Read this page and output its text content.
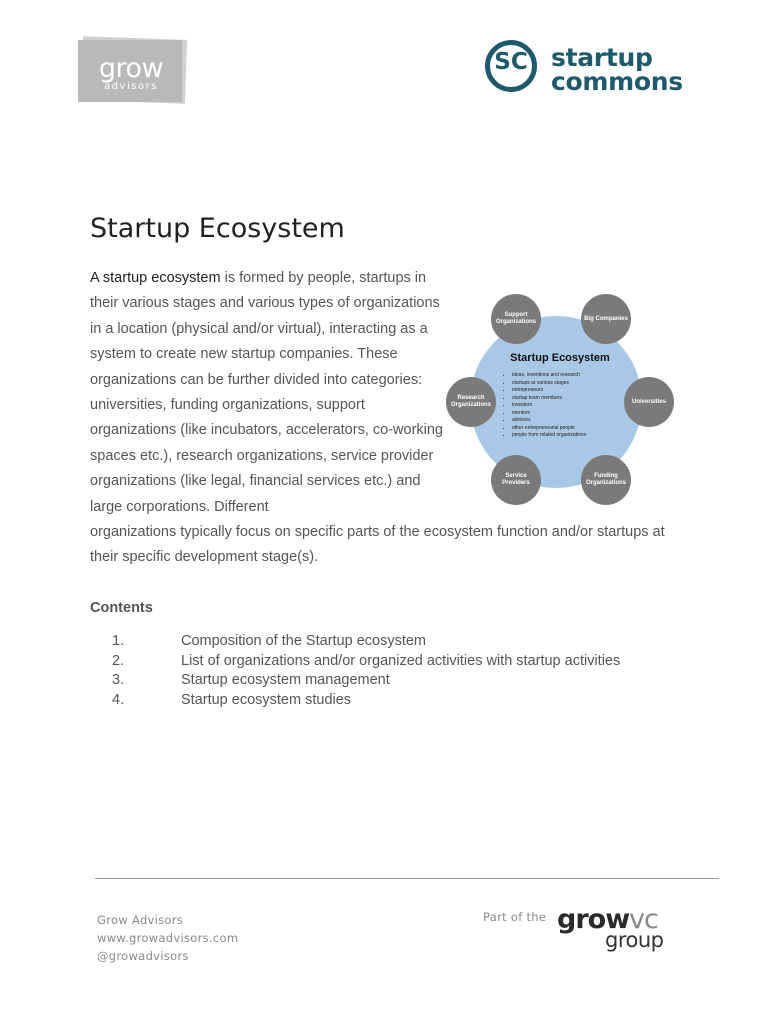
grow
advisors
SC startup
commons
Startup Ecosystem
A startup ecosystem is formed by people, startups in their various stages and various types of organizations in a location (physical and/or virtual), interacting as a system to create new startup companies. These organizations can be further divided into categories: universities, funding organizations, support organizations (like incubators, accelerators, co-working spaces etc.), research organizations, service provider organizations (like legal, financial services etc.) and large corporations. Different
organizations typically focus on specific parts of the ecosystem function and/or startups at their specific development stage(s).
Startup Ecosystem
• ideas, inventions and research
• startups at various stages
• entrepreneurs
• startup team members
• investors
• mentors
• advisors
• other entrepreneurial people
• people from related organizations
Support Organizations
Big Companies
Research Organizations
Universities
Service Providers
Funding Organizations
Contents
1.	Composition of the Startup ecosystem
2.	List of organizations and/or organized activities with startup activities
3.	Startup ecosystem management
4.	Startup ecosystem studies
Grow Advisors
www.growadvisors.com
@growadvisors
Part of the grow vc
group
